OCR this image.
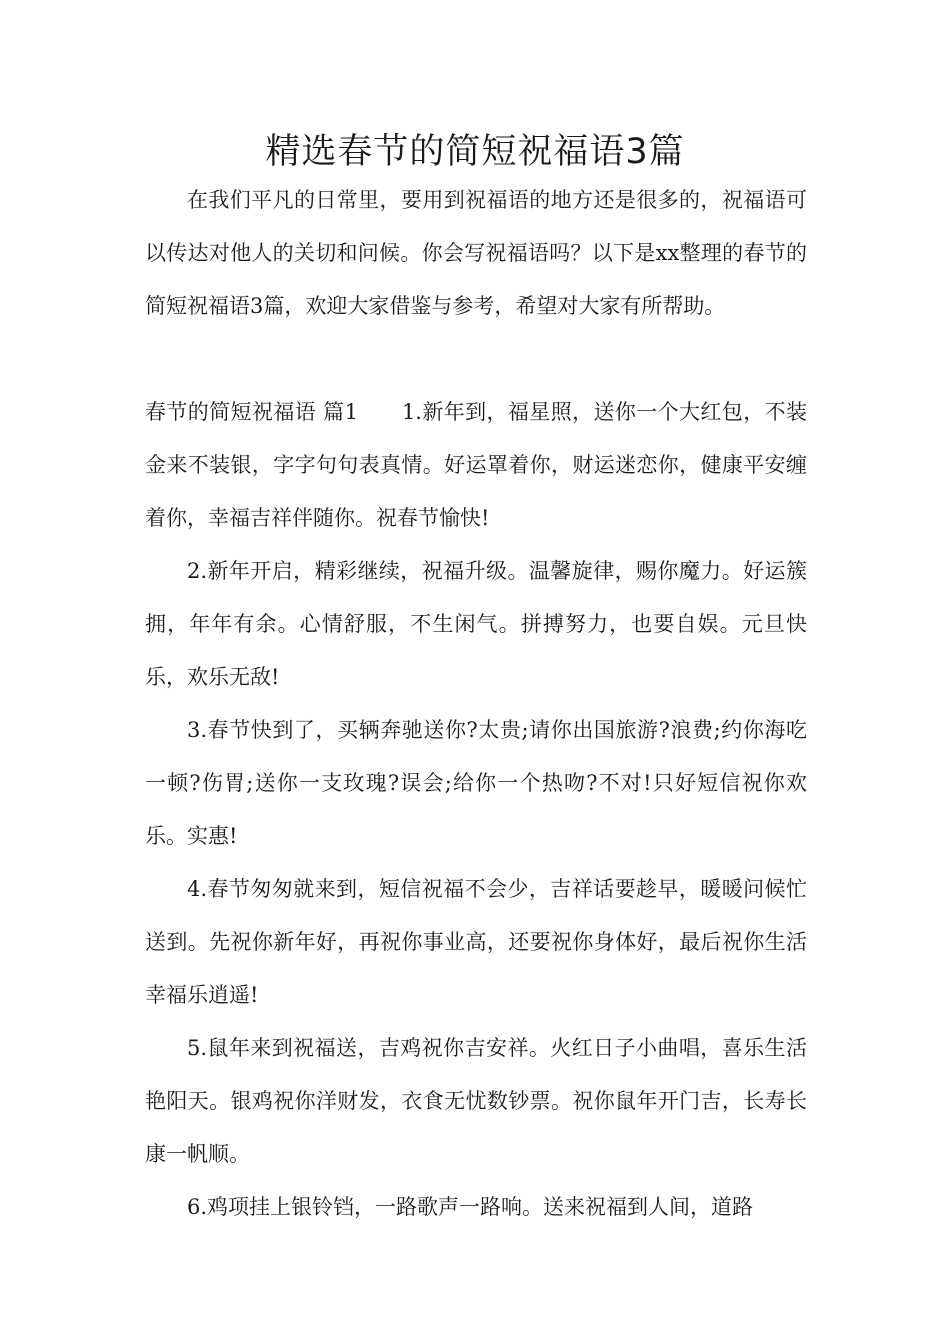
精选春节的简短祝福语3篇

在我们平凡的日常里，要用到祝福语的地方还是很多的，祝福语可以传达对他人的关切和问候。你会写祝福语吗？以下是xx整理的春节的简短祝福语3篇，欢迎大家借鉴与参考，希望对大家有所帮助。

春节的简短祝福语 篇1 1.新年到，福星照，送你一个大红包，不装金来不装银，字字句句表真情。好运罩着你，财运迷恋你，健康平安缠着你，幸福吉祥伴随你。祝春节愉快!

2.新年开启，精彩继续，祝福升级。温馨旋律，赐你魔力。好运簇拥，年年有余。心情舒服，不生闲气。拼搏努力，也要自娱。元旦快乐，欢乐无敌!

3.春节快到了，买辆奔驰送你?太贵;请你出国旅游?浪费;约你海吃一顿?伤胃;送你一支玫瑰?误会;给你一个热吻?不对!只好短信祝你欢乐。实惠!

4.春节匆匆就来到，短信祝福不会少，吉祥话要趁早，暖暖问候忙送到。先祝你新年好，再祝你事业高，还要祝你身体好，最后祝你生活幸福乐逍遥!

5.鼠年来到祝福送，吉鸡祝你吉安祥。火红日子小曲唱，喜乐生活艳阳天。银鸡祝你洋财发，衣食无忧数钞票。祝你鼠年开门吉，长寿长康一帆顺。

6.鸡项挂上银铃铛，一路歌声一路响。送来祝福到人间，道路
